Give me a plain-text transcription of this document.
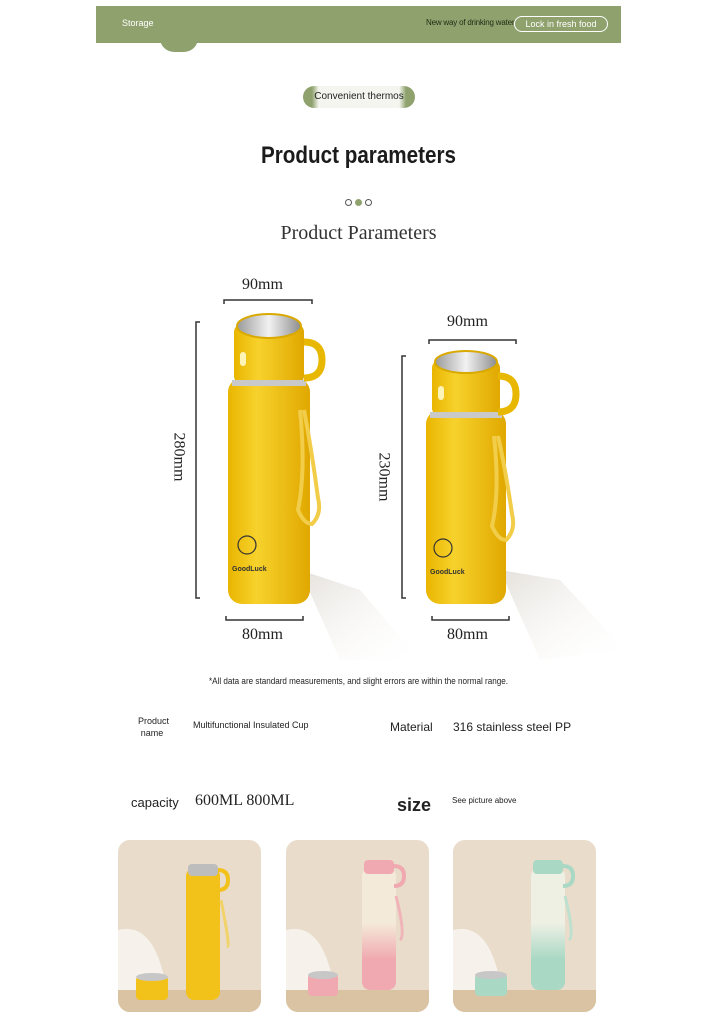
Storage	New way of drinking water	Lock in fresh food
Convenient thermos
Product parameters
Product Parameters
GoodLuck	GoodLuck
90mm
280mm
80mm
90mm
230mm
80mm
*All data are standard measurements, and slight errors are within the normal range.
Product
name
Multifunctional Insulated Cup	Material 316 stainless steel PP
capacity 600ML 800ML	size	See picture above
